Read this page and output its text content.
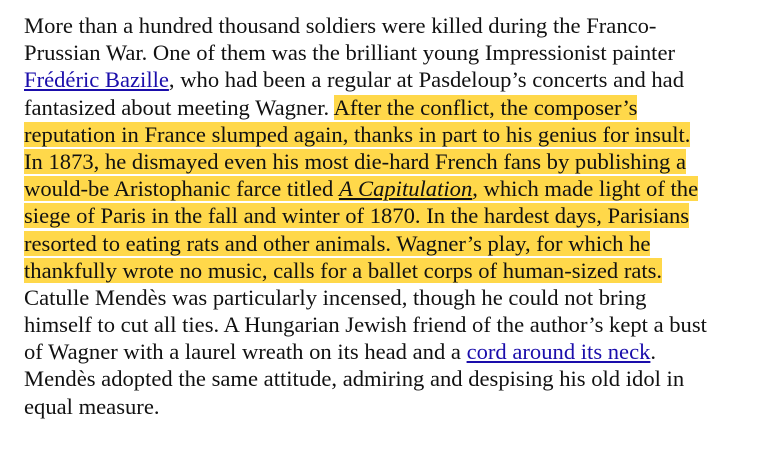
More than a hundred thousand soldiers were killed during the Franco-
Prussian War. One of them was the brilliant young Impressionist painter
Frédéric Bazille, who had been a regular at Pasdeloup’s concerts and had
fantasized about meeting Wagner. After the conflict, the composer’s
reputation in France slumped again, thanks in part to his genius for insult.
In 1873, he dismayed even his most die-hard French fans by publishing a
would-be Aristophanic farce titled A Capitulation, which made light of the
siege of Paris in the fall and winter of 1870. In the hardest days, Parisians
resorted to eating rats and other animals. Wagner’s play, for which he
thankfully wrote no music, calls for a ballet corps of human-sized rats.
Catulle Mendès was particularly incensed, though he could not bring
himself to cut all ties. A Hungarian Jewish friend of the author’s kept a bust
of Wagner with a laurel wreath on its head and a cord around its neck.
Mendès adopted the same attitude, admiring and despising his old idol in
equal measure.
